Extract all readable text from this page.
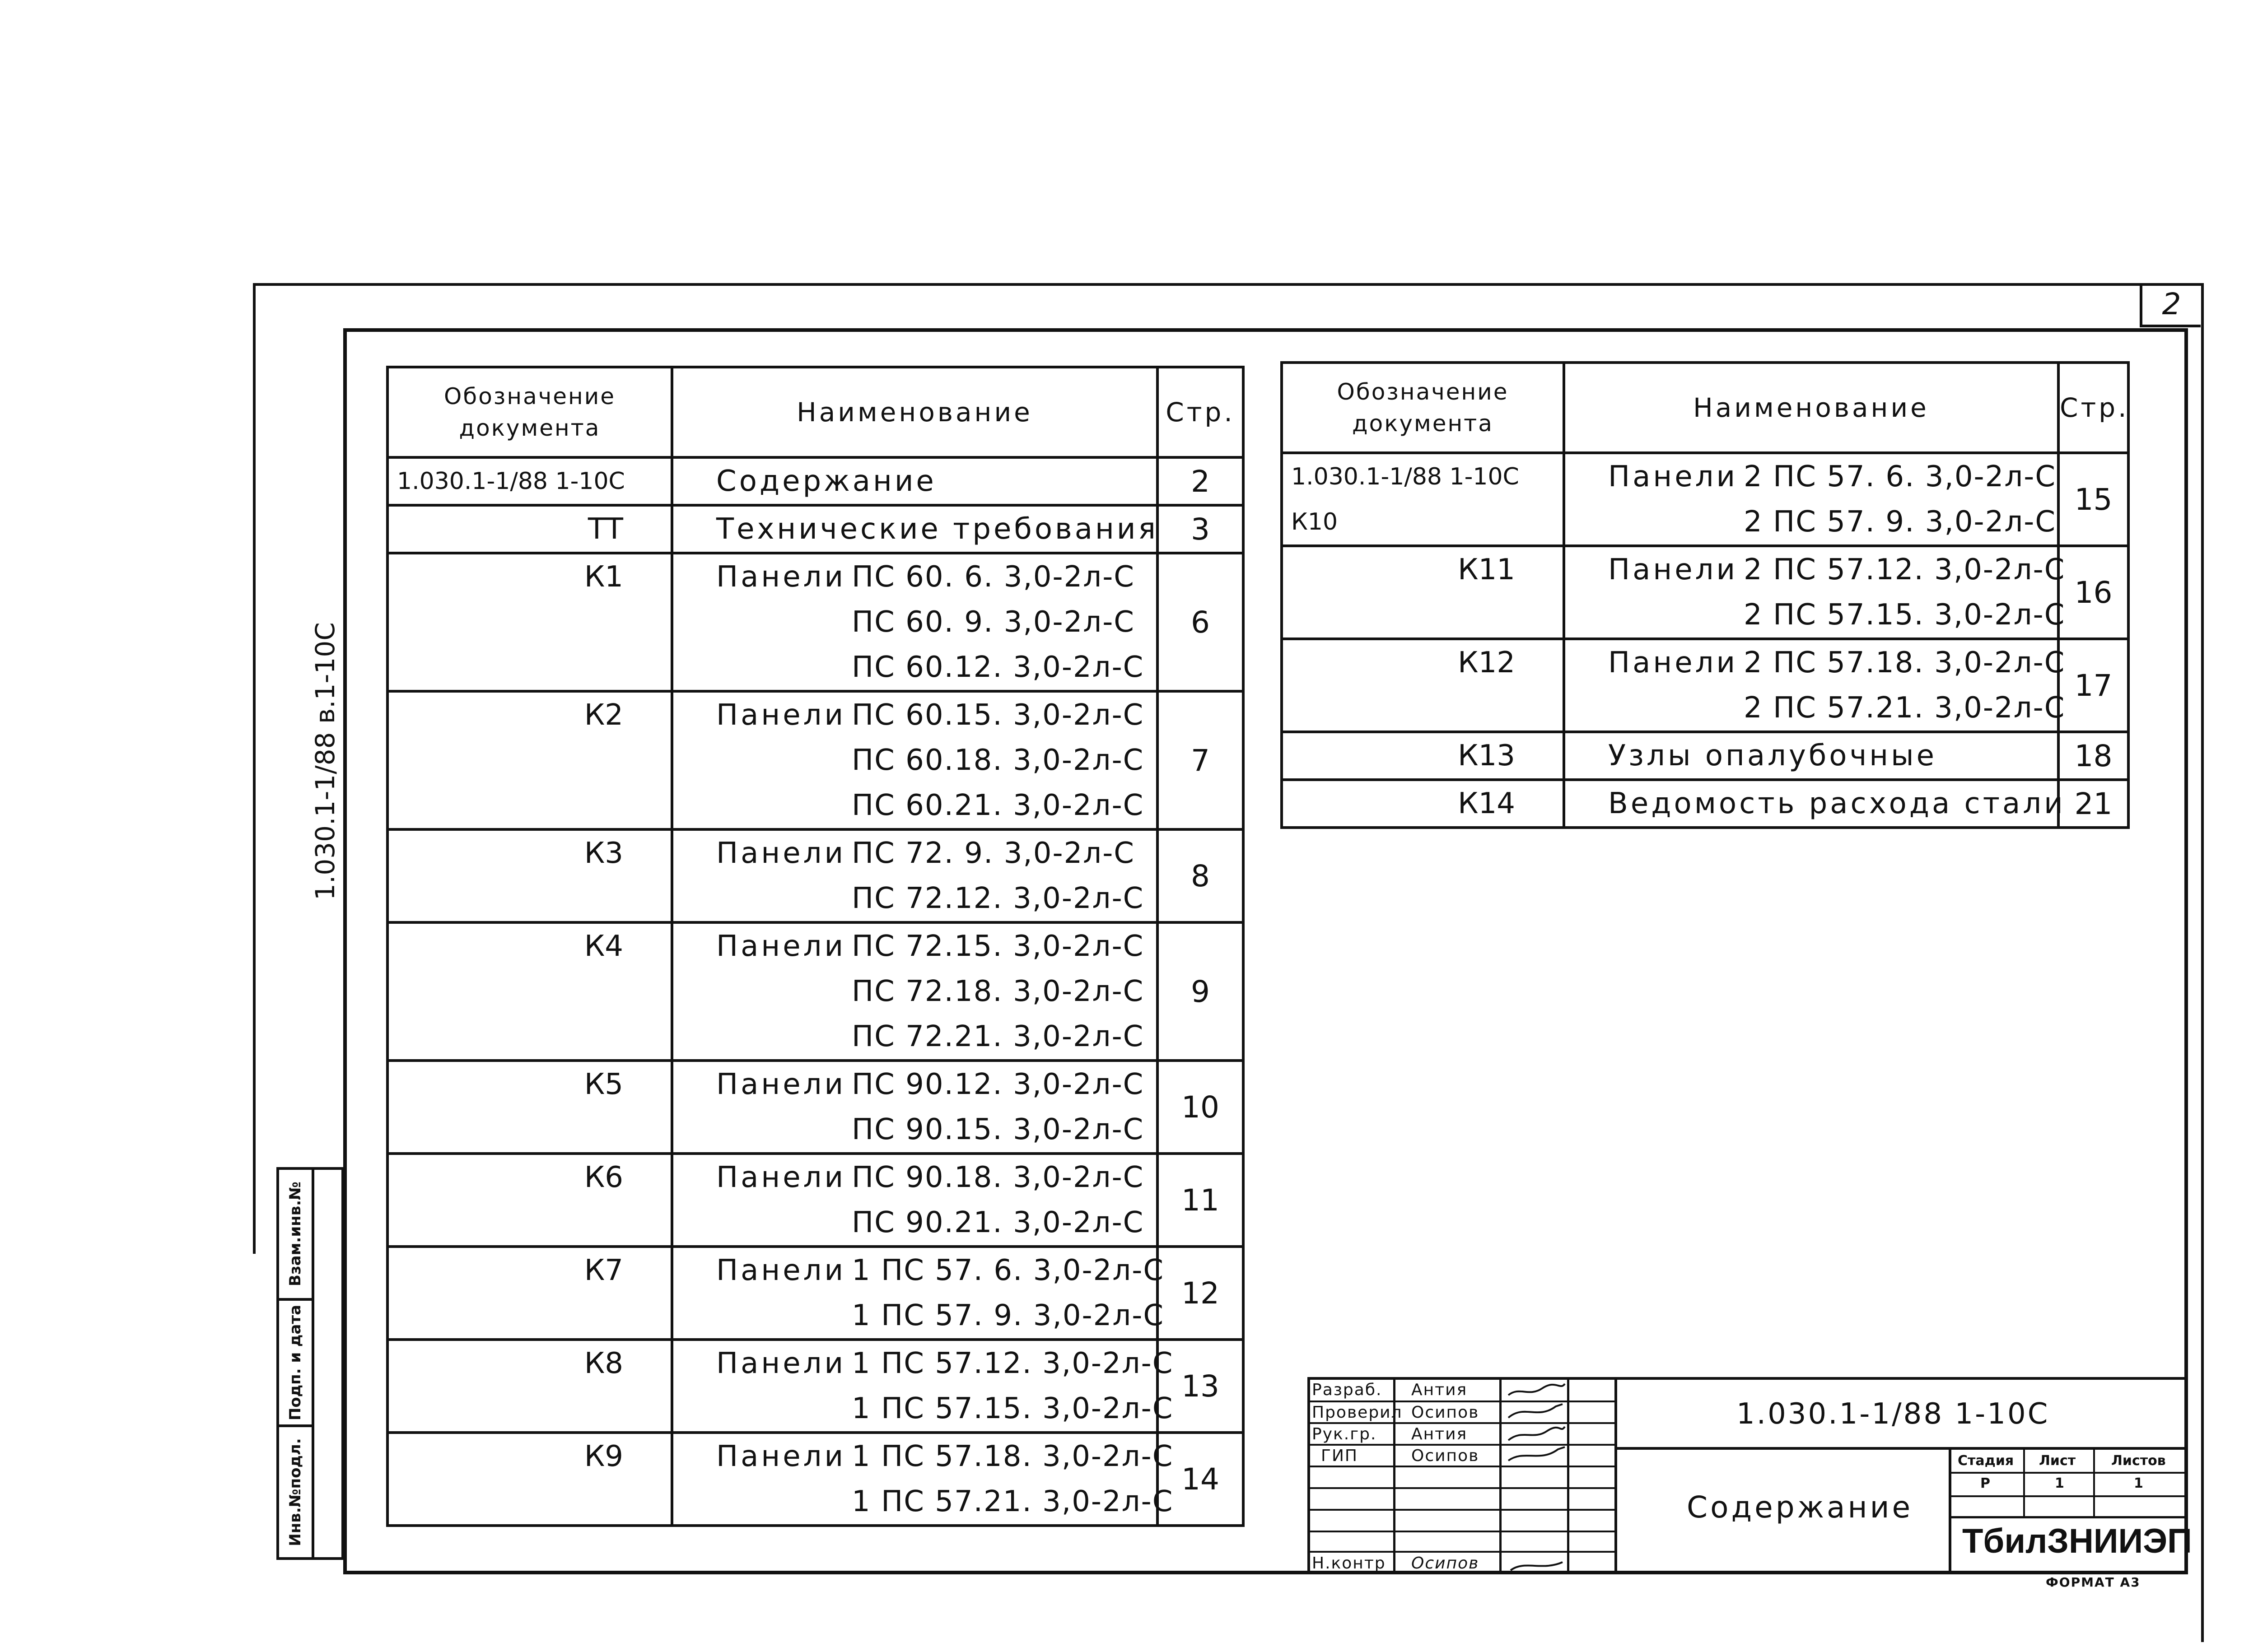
2
1.030.1-1/88 в.1-10С
Инв.№подл.
Подп. и дата
Взам.инв.№
Обозначение документа	Наименование	Стр.
1.030.1-1/88 1-10С	Содержание	2
ТТ	Технические требования	3
К1	Панели ПС 60. 6. 3,0-2л-С
ПС 60. 9. 3,0-2л-С
ПС 60.12. 3,0-2л-С	6
К2	Панели ПС 60.15. 3,0-2л-С
ПС 60.18. 3,0-2л-С
ПС 60.21. 3,0-2л-С	7
К3	Панели ПС 72. 9. 3,0-2л-С
ПС 72.12. 3,0-2л-С	8
К4	Панели ПС 72.15. 3,0-2л-С
ПС 72.18. 3,0-2л-С
ПС 72.21. 3,0-2л-С	9
К5	Панели ПС 90.12. 3,0-2л-С
ПС 90.15. 3,0-2л-С	10
К6	Панели ПС 90.18. 3,0-2л-С
ПС 90.21. 3,0-2л-С	11
К7	Панели 1 ПС 57. 6. 3,0-2л-С
1 ПС 57. 9. 3,0-2л-С	12
К8	Панели 1 ПС 57.12. 3,0-2л-С
1 ПС 57.15. 3,0-2л-С	13
К9	Панели 1 ПС 57.18. 3,0-2л-С
1 ПС 57.21. 3,0-2л-С	14
Обозначение документа	Наименование	Стр.
1.030.1-1/88 1-10С К10	Панели 2 ПС 57. 6. 3,0-2л-С
2 ПС 57. 9. 3,0-2л-С	15
К11	Панели 2 ПС 57.12. 3,0-2л-С
2 ПС 57.15. 3,0-2л-С	16
К12	Панели 2 ПС 57.18. 3,0-2л-С
2 ПС 57.21. 3,0-2л-С	17
К13	Узлы опалубочные	18
К14	Ведомость расхода стали	21
Разраб. Антия
Проверил Осипов
Рук.гр. Антия
ГИП	Осипов
Н.контр Осипов
1.030.1-1/88 1-10С
Содержание
Стадия Лист	Листов
Р	1	1
ТбилЗНИИЭП
ФОРМАТ А3
